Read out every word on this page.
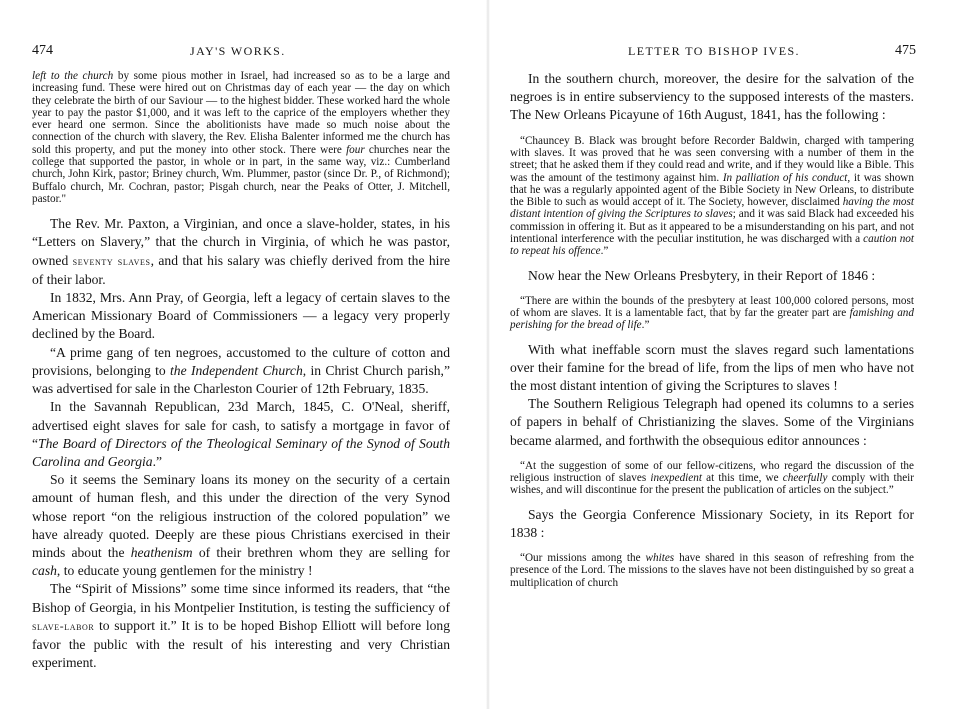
474	JAY'S WORKS.

left to the church by some pious mother in Israel, had increased so as to be a large and increasing fund. These were hired out on Christmas day of each year — the day on which they celebrate the birth of our Saviour — to the highest bidder. These worked hard the whole year to pay the pastor $1,000, and it was left to the caprice of the employers whether they ever heard one sermon. Since the abolitionists have made so much noise about the connection of the church with slavery, the Rev. Elisha Balenter informed me the church has sold this property, and put the money into other stock. There were four churches near the college that supported the pastor, in whole or in part, in the same way, viz.: Cumberland church, John Kirk, pastor; Briney church, Wm. Plummer, pastor (since Dr. P., of Richmond); Buffalo church, Mr. Cochran, pastor; Pisgah church, near the Peaks of Otter, J. Mitchell, pastor."

The Rev. Mr. Paxton, a Virginian, and once a slave-holder, states, in his “Letters on Slavery,” that the church in Virginia, of which he was pastor, owned seventy slaves, and that his salary was chiefly derived from the hire of their labor.

In 1832, Mrs. Ann Pray, of Georgia, left a legacy of certain slaves to the American Missionary Board of Commissioners — a legacy very properly declined by the Board.

“A prime gang of ten negroes, accustomed to the culture of cotton and provisions, belonging to the Independent Church, in Christ Church parish,” was advertised for sale in the Charleston Courier of 12th February, 1835.

In the Savannah Republican, 23d March, 1845, C. O'Neal, sheriff, advertised eight slaves for sale for cash, to satisfy a mortgage in favor of “The Board of Directors of the Theological Seminary of the Synod of South Carolina and Georgia.”

So it seems the Seminary loans its money on the security of a certain amount of human flesh, and this under the direction of the very Synod whose report “on the religious instruction of the colored population” we have already quoted. Deeply are these pious Christians exercised in their minds about the heathenism of their brethren whom they are selling for cash, to educate young gentlemen for the ministry !

The “Spirit of Missions” some time since informed its readers, that “the Bishop of Georgia, in his Montpelier Institution, is testing the sufficiency of slave-labor to support it.” It is to be hoped Bishop Elliott will before long favor the public with the result of his interesting and very Christian experiment.

LETTER TO BISHOP IVES.	475

In the southern church, moreover, the desire for the salvation of the negroes is in entire subserviency to the supposed interests of the masters. The New Orleans Picayune of 16th August, 1841, has the following :

“Chauncey B. Black was brought before Recorder Baldwin, charged with tampering with slaves. It was proved that he was seen conversing with a number of them in the street; that he asked them if they could read and write, and if they would like a Bible. This was the amount of the testimony against him. In palliation of his conduct, it was shown that he was a regularly appointed agent of the Bible Society in New Orleans, to distribute the Bible to such as would accept of it. The Society, however, disclaimed having the most distant intention of giving the Scriptures to slaves; and it was said Black had exceeded his commission in offering it. But as it appeared to be a misunderstanding on his part, and not intentional interference with the peculiar institution, he was discharged with a caution not to repeat his offence.”

Now hear the New Orleans Presbytery, in their Report of 1846 :

“There are within the bounds of the presbytery at least 100,000 colored persons, most of whom are slaves. It is a lamentable fact, that by far the greater part are famishing and perishing for the bread of life.”

With what ineffable scorn must the slaves regard such lamentations over their famine for the bread of life, from the lips of men who have not the most distant intention of giving the Scriptures to slaves !

The Southern Religious Telegraph had opened its columns to a series of papers in behalf of Christianizing the slaves. Some of the Virginians became alarmed, and forthwith the obsequious editor announces :

“At the suggestion of some of our fellow-citizens, who regard the discussion of the religious instruction of slaves inexpedient at this time, we cheerfully comply with their wishes, and will discontinue for the present the publication of articles on the subject.”

Says the Georgia Conference Missionary Society, in its Report for 1838 :

“Our missions among the whites have shared in this season of refreshing from the presence of the Lord. The missions to the slaves have not been distinguished by so great a multiplication of church
